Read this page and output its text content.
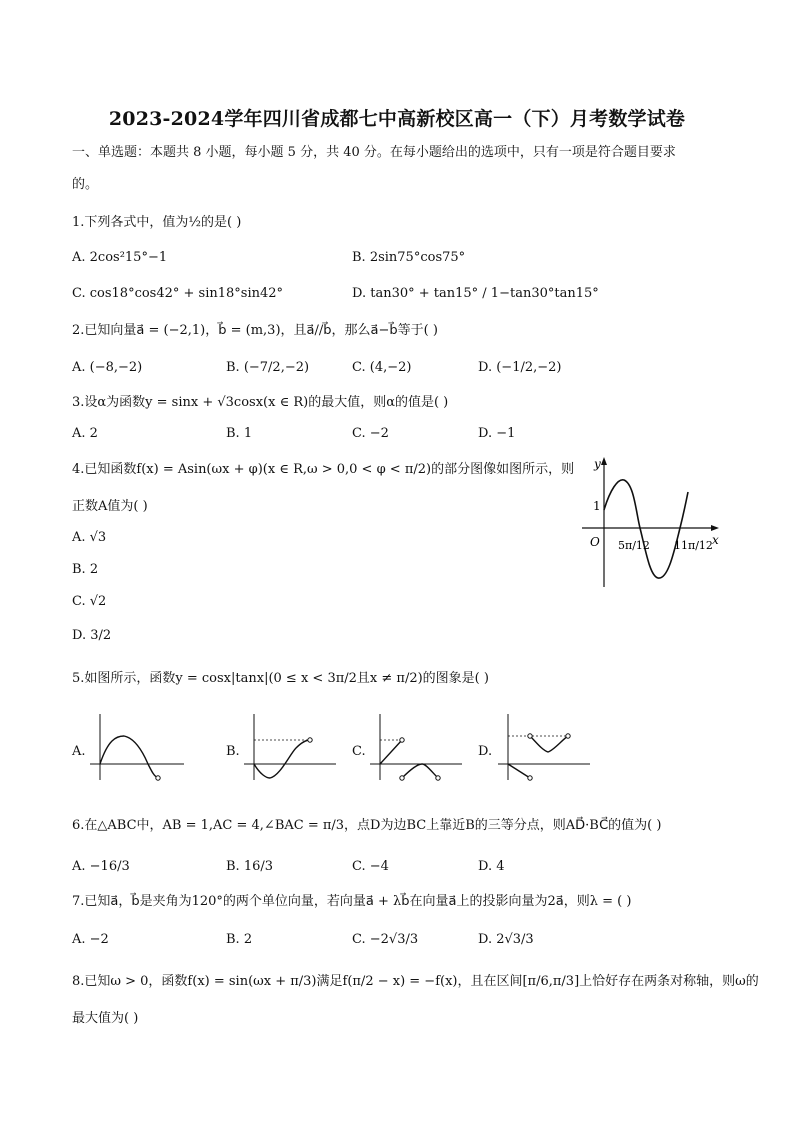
2023-2024学年四川省成都七中高新校区高一（下）月考数学试卷
一、单选题：本题共 8 小题，每小题 5 分，共 40 分。在每小题给出的选项中，只有一项是符合题目要求
的。
1.下列各式中，值为½的是( )
A. 2cos²15°−1	B. 2sin75°cos75°
C. cos18°cos42° + sin18°sin42°	D. tan30° + tan15° / 1−tan30°tan15°
2.已知向量a⃗ = (−2,1)，b⃗ = (m,3)，且a⃗//b⃗，那么a⃗−b⃗等于( )
A. (−8,−2)	B. (−7/2,−2)	C. (4,−2)	D. (−1/2,−2)
3.设α为函数y = sinx + √3cosx(x ∈ R)的最大值，则α的值是( )
A. 2	B. 1	C. −2	D. −1
4.已知函数f(x) = Asin(ωx + φ)(x ∈ R,ω > 0,0 < φ < π/2)的部分图像如图所示，则
正数A值为( )
A. √3
B. 2
C. √2
D. 3/2
y
x
O
1
5π/12 11π/12
5.如图所示，函数y = cosx|tanx|(0 ≤ x < 3π/2且x ≠ π/2)的图象是( )
A.	B.	C.	D.
6.在△ABC中，AB = 1,AC = 4,∠BAC = π/3，点D为边BC上靠近B的三等分点，则AD⃗·BC⃗的值为( )
A. −16/3	B. 16/3	C. −4	D. 4
7.已知a⃗，b⃗是夹角为120°的两个单位向量，若向量a⃗ + λb⃗在向量a⃗上的投影向量为2a⃗，则λ = ( )
A. −2	B. 2	C. −2√3/3	D. 2√3/3
8.已知ω > 0，函数f(x) = sin(ωx + π/3)满足f(π/2 − x) = −f(x)，且在区间[π/6,π/3]上恰好存在两条对称轴，则ω的
最大值为( )
